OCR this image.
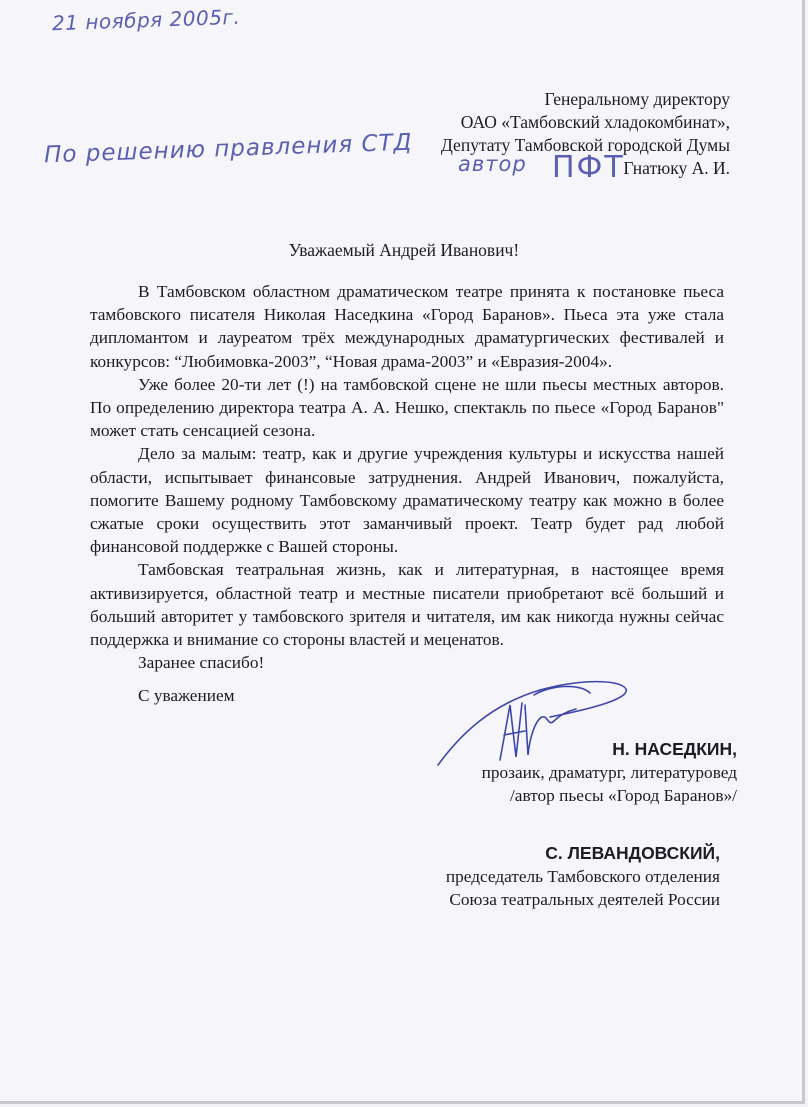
21 ноября 2005г.
По решению правления СТД автор ПФТ
Генеральному директору
ОАО «Тамбовский хладокомбинат»,
Депутату Тамбовской городской Думы
Гнатюку А. И.
Уважаемый Андрей Иванович!

В Тамбовском областном драматическом театре принята к постановке пьеса тамбовского писателя Николая Наседкина «Город Баранов». Пьеса эта уже стала дипломантом и лауреатом трёх международных драматургических фестивалей и конкурсов: “Любимовка-2003”, “Новая драма-2003” и «Евразия-2004».

Уже более 20-ти лет (!) на тамбовской сцене не шли пьесы местных авторов. По определению директора театра А. А. Нешко, спектакль по пьесе «Город Баранов" может стать сенсацией сезона.

Дело за малым: театр, как и другие учреждения культуры и искусства нашей области, испытывает финансовые затруднения. Андрей Иванович, пожалуйста, помогите Вашему родному Тамбовскому драматическому театру как можно в более сжатые сроки осуществить этот заманчивый проект. Театр будет рад любой финансовой поддержке с Вашей стороны.

Тамбовская театральная жизнь, как и литературная, в настоящее время активизируется, областной театр и местные писатели приобретают всё больший и больший авторитет у тамбовского зрителя и читателя, им как никогда нужны сейчас поддержка и внимание со стороны властей и меценатов.

Заранее спасибо!

С уважением
Н. НАСЕДКИН,
прозаик, драматург, литературовед
/автор пьесы «Город Баранов»/
С. ЛЕВАНДОВСКИЙ,
председатель Тамбовского отделения
Союза театральных деятелей России
